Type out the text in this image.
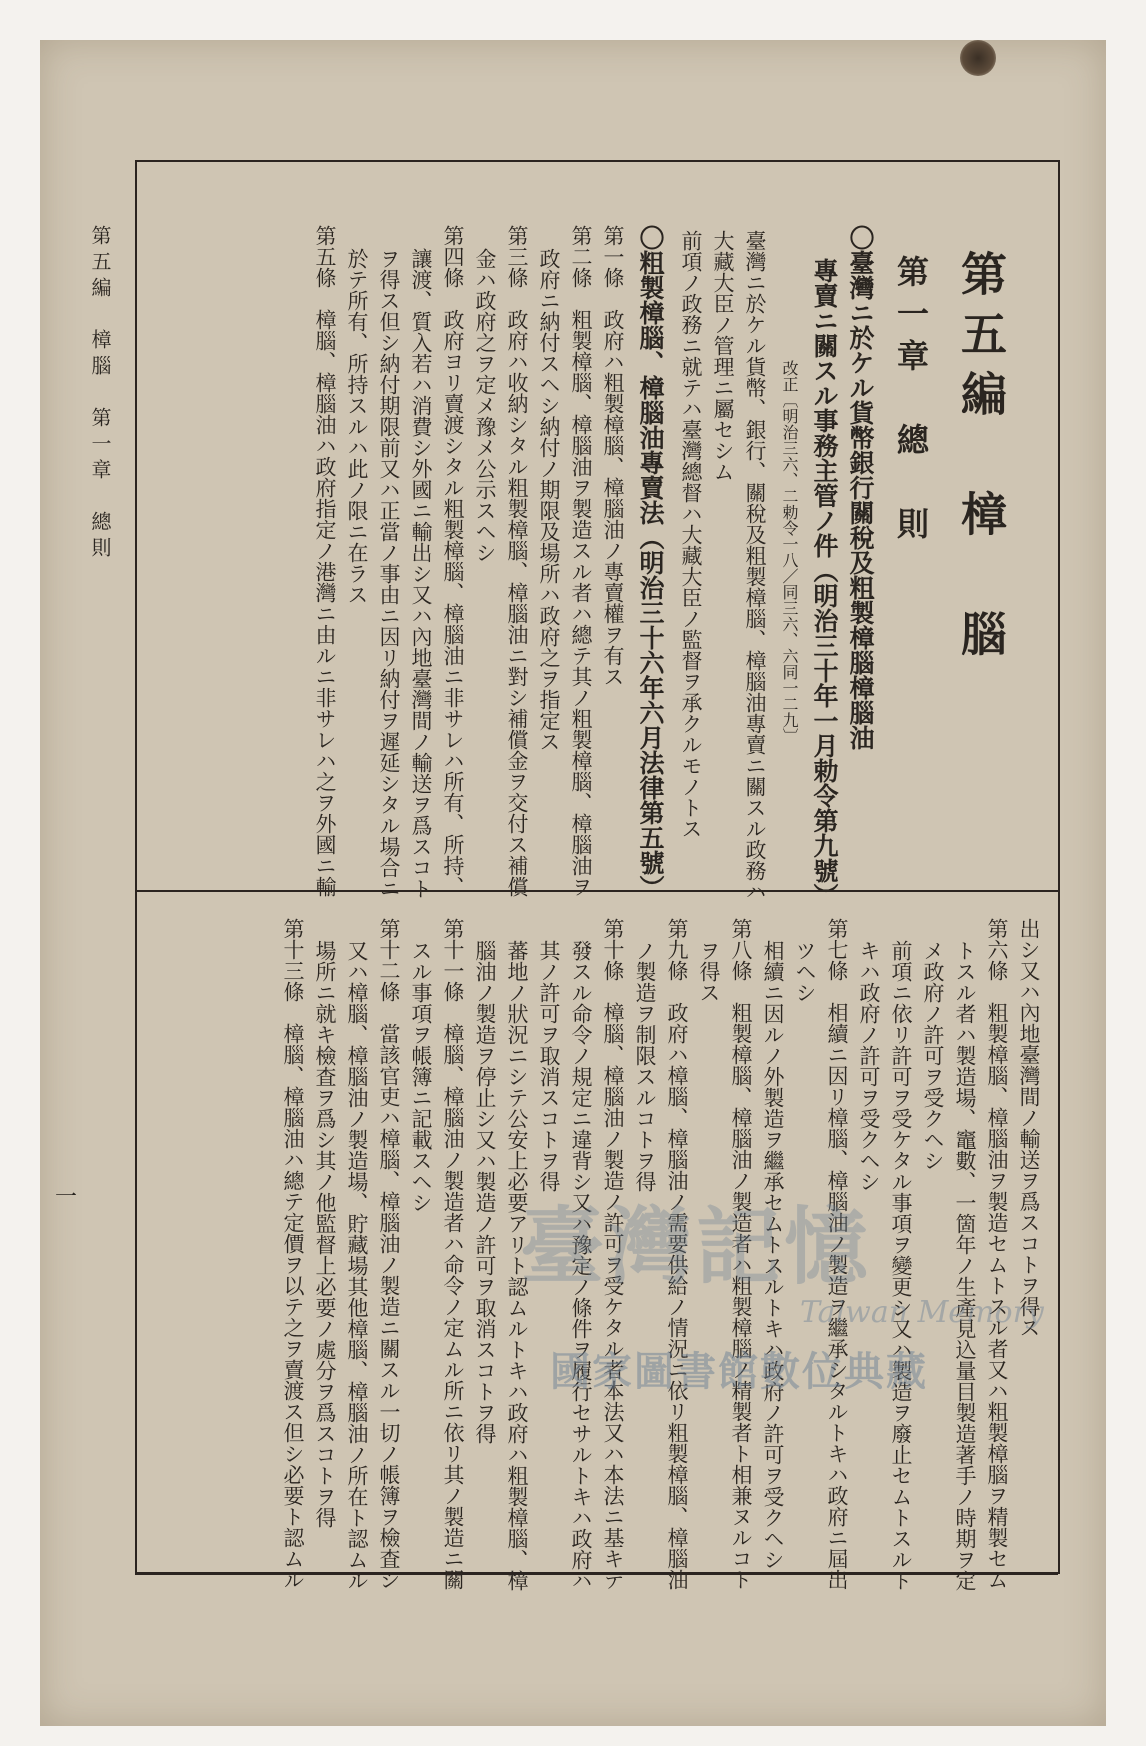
第五編　樟腦　第一章　總則
一
第五編　樟　腦
第一章　總　則
〇臺灣ニ於ケル貨幣銀行關稅及粗製樟腦樟腦油
專賣ニ關スル事務主管ノ件（明治三十年一月勅令第九號）
改正〔明治三六、二勅令一八／同三六、六同一二九〕
臺灣ニ於ケル貨幣、銀行、關稅及粗製樟腦、樟腦油專賣ニ關スル政務ハ
大藏大臣ノ管理ニ屬セシム
前項ノ政務ニ就テハ臺灣總督ハ大藏大臣ノ監督ヲ承クルモノトス
〇粗製樟腦、樟腦油專賣法（明治三十六年六月法律第五號）
第一條　政府ハ粗製樟腦、樟腦油ノ專賣權ヲ有ス
第二條　粗製樟腦、樟腦油ヲ製造スル者ハ總テ其ノ粗製樟腦、樟腦油ヲ
政府ニ納付スヘシ納付ノ期限及場所ハ政府之ヲ指定ス
第三條　政府ハ收納シタル粗製樟腦、樟腦油ニ對シ補償金ヲ交付ス補償
金ハ政府之ヲ定メ豫メ公示スヘシ
第四條　政府ヨリ賣渡シタル粗製樟腦、樟腦油ニ非サレハ所有、所持、
讓渡、質入若ハ消費シ外國ニ輸出シ又ハ內地臺灣間ノ輸送ヲ爲スコト
ヲ得ス但シ納付期限前又ハ正當ノ事由ニ因リ納付ヲ遲延シタル場合ニ
於テ所有、所持スルハ此ノ限ニ在ラス
第五條　樟腦、樟腦油ハ政府指定ノ港灣ニ由ルニ非サレハ之ヲ外國ニ輸
出シ又ハ內地臺灣間ノ輸送ヲ爲スコトヲ得ス
第六條　粗製樟腦、樟腦油ヲ製造セムトスル者又ハ粗製樟腦ヲ精製セム
トスル者ハ製造場、竈數、一箇年ノ生產見込量目製造著手ノ時期ヲ定
メ政府ノ許可ヲ受クヘシ
前項ニ依リ許可ヲ受ケタル事項ヲ變更シ又ハ製造ヲ廢止セムトスルト
キハ政府ノ許可ヲ受クヘシ
第七條　相續ニ因リ樟腦、樟腦油ノ製造ヲ繼承シタルトキハ政府ニ屆出
ツヘシ
相續ニ因ルノ外製造ヲ繼承セムトスルトキハ政府ノ許可ヲ受クヘシ
第八條　粗製樟腦、樟腦油ノ製造者ハ粗製樟腦ノ精製者ト相兼ヌルコト
ヲ得ス
第九條　政府ハ樟腦、樟腦油ノ需要供給ノ情況ニ依リ粗製樟腦、樟腦油
ノ製造ヲ制限スルコトヲ得
第十條　樟腦、樟腦油ノ製造ノ許可ヲ受ケタル者本法又ハ本法ニ基キテ
發スル命令ノ規定ニ違背シ又ハ豫定ノ條件ヲ履行セサルトキハ政府ハ
其ノ許可ヲ取消スコトヲ得
蕃地ノ狀況ニシテ公安上必要アリト認ムルトキハ政府ハ粗製樟腦、樟
腦油ノ製造ヲ停止シ又ハ製造ノ許可ヲ取消スコトヲ得
第十一條　樟腦、樟腦油ノ製造者ハ命令ノ定ムル所ニ依リ其ノ製造ニ關
スル事項ヲ帳簿ニ記載スヘシ
第十二條　當該官吏ハ樟腦、樟腦油ノ製造ニ關スル一切ノ帳簿ヲ檢査シ
又ハ樟腦、樟腦油ノ製造場、貯藏場其他樟腦、樟腦油ノ所在ト認ムル
場所ニ就キ檢査ヲ爲シ其ノ他監督上必要ノ處分ヲ爲スコトヲ得
第十三條　樟腦、樟腦油ハ總テ定價ヲ以テ之ヲ賣渡ス但シ必要ト認ムル	臺灣記憶
Taiwan Memory
國家圖書館數位典藏
